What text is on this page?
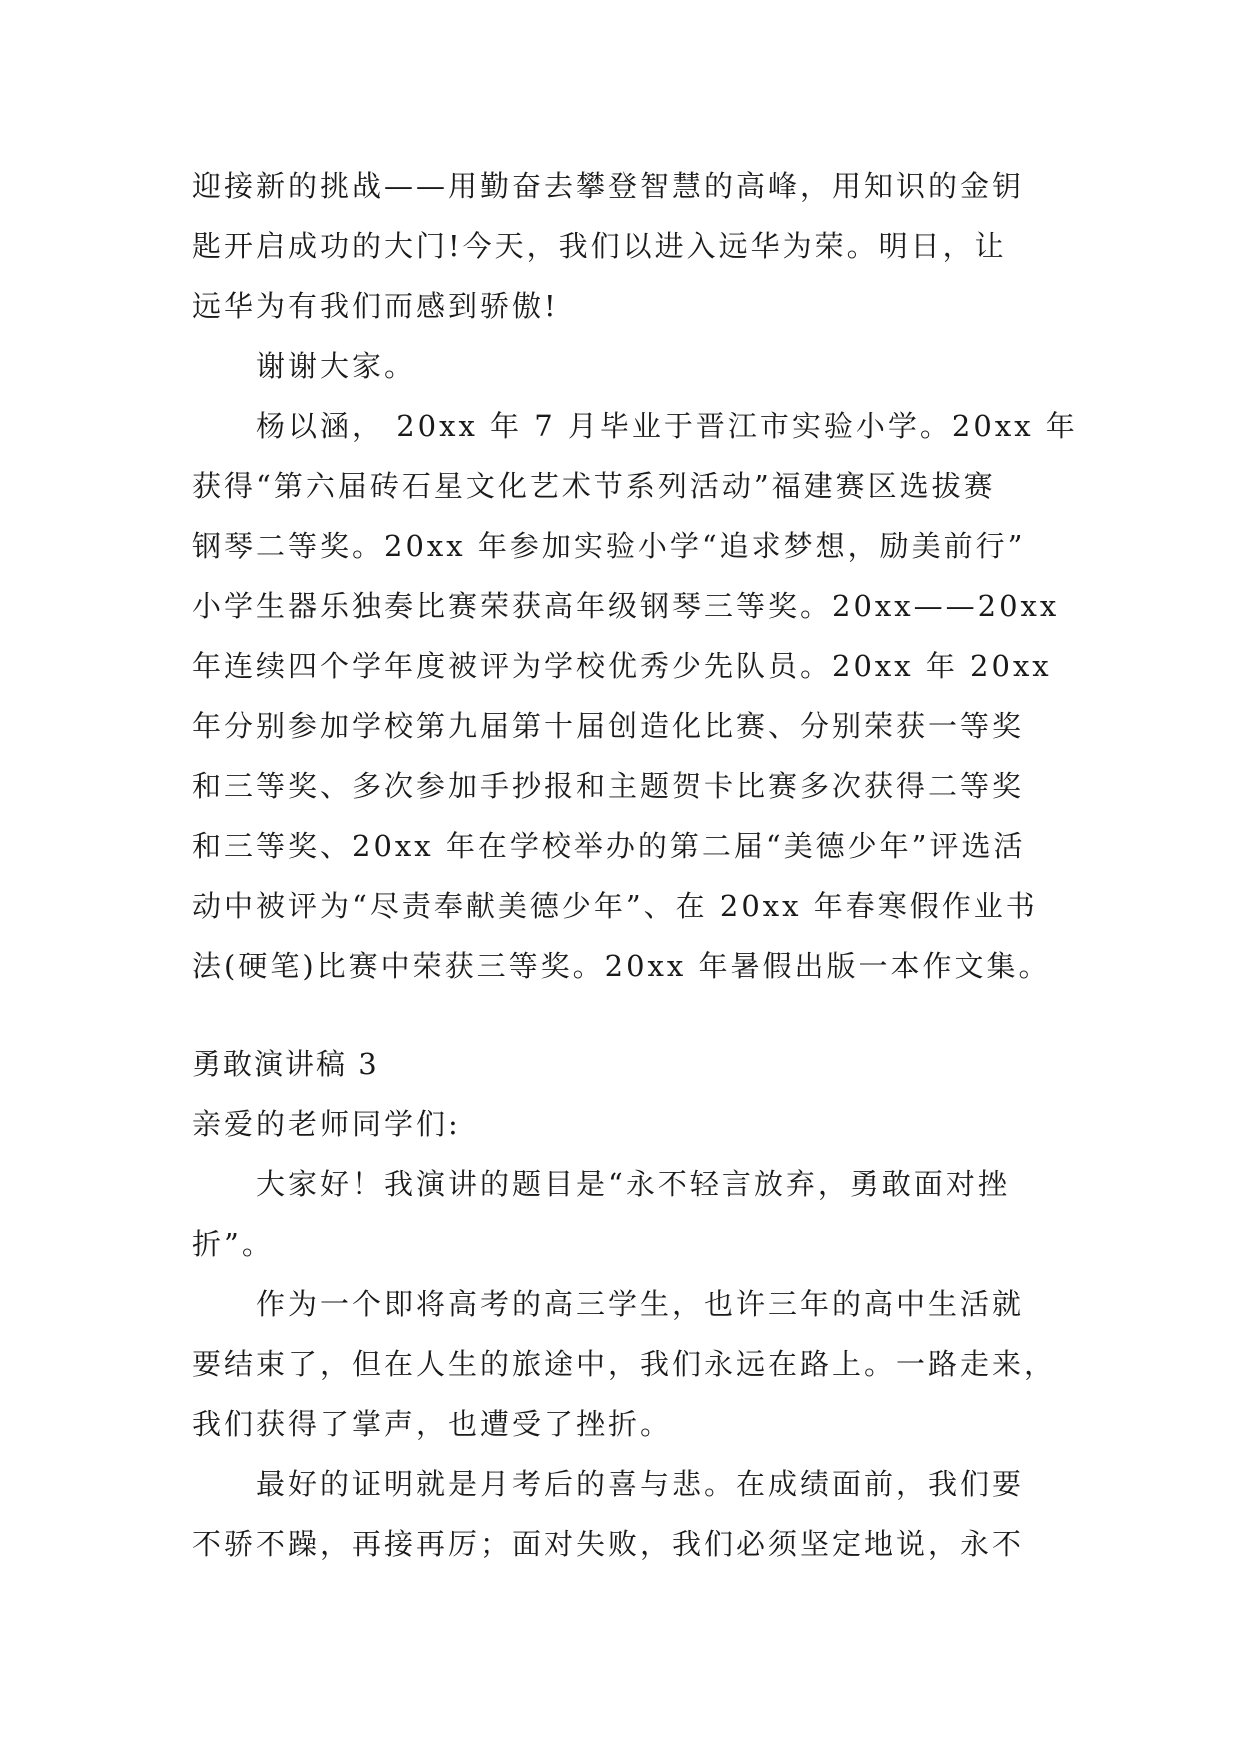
迎接新的挑战——用勤奋去攀登智慧的高峰，用知识的金钥
匙开启成功的大门!今天，我们以进入远华为荣。明日，让
远华为有我们而感到骄傲!
谢谢大家。
杨以涵， 20xx 年 7 月毕业于晋江市实验小学。20xx 年
获得“第六届砖石星文化艺术节系列活动”福建赛区选拔赛
钢琴二等奖。20xx 年参加实验小学“追求梦想，励美前行”
小学生器乐独奏比赛荣获高年级钢琴三等奖。20xx——20xx
年连续四个学年度被评为学校优秀少先队员。20xx 年 20xx
年分别参加学校第九届第十届创造化比赛、分别荣获一等奖
和三等奖、多次参加手抄报和主题贺卡比赛多次获得二等奖
和三等奖、20xx 年在学校举办的第二届“美德少年”评选活
动中被评为“尽责奉献美德少年”、在 20xx 年春寒假作业书
法(硬笔)比赛中荣获三等奖。20xx 年暑假出版一本作文集。
勇敢演讲稿 3
亲爱的老师同学们:
大家好！我演讲的题目是“永不轻言放弃，勇敢面对挫
折”。
作为一个即将高考的高三学生，也许三年的高中生活就
要结束了，但在人生的旅途中，我们永远在路上。一路走来，
我们获得了掌声，也遭受了挫折。
最好的证明就是月考后的喜与悲。在成绩面前，我们要
不骄不躁，再接再厉；面对失败，我们必须坚定地说，永不
